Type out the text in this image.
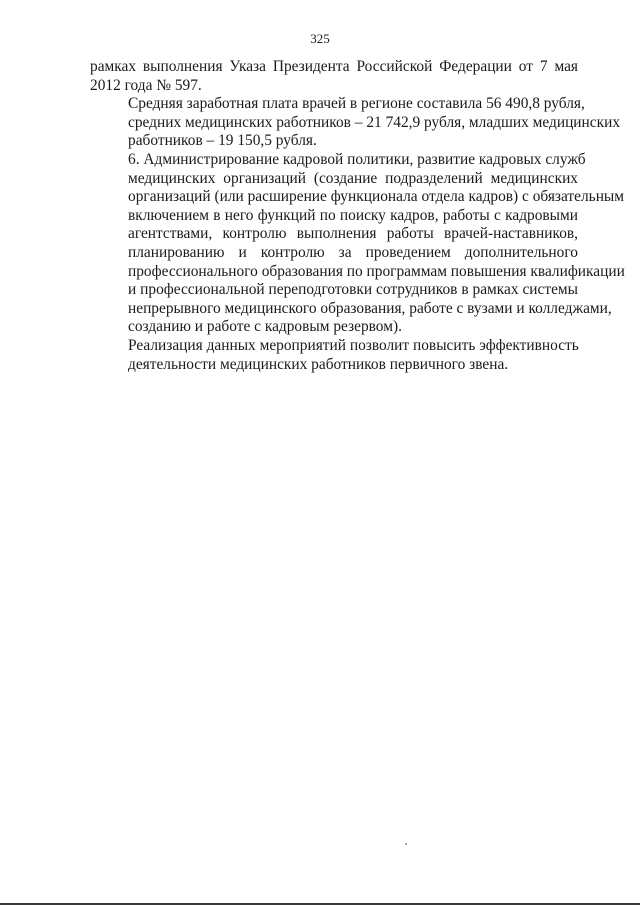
325

рамках выполнения Указа Президента Российской Федерации от 7 мая
2012 года № 597.

Средняя заработная плата врачей в регионе составила 56 490,8 рубля,
средних медицинских работников – 21 742,9 рубля, младших медицинских
работников – 19 150,5 рубля.

6. Администрирование кадровой политики, развитие кадровых служб
медицинских организаций (создание подразделений медицинских
организаций (или расширение функционала отдела кадров) с обязательным
включением в него функций по поиску кадров, работы с кадровыми
агентствами, контролю выполнения работы врачей-наставников,
планированию и контролю за проведением дополнительного
профессионального образования по программам повышения квалификации
и профессиональной переподготовки сотрудников в рамках системы
непрерывного медицинского образования, работе с вузами и колледжами,
созданию и работе с кадровым резервом).

Реализация данных мероприятий позволит повысить эффективность
деятельности медицинских работников первичного звена.
